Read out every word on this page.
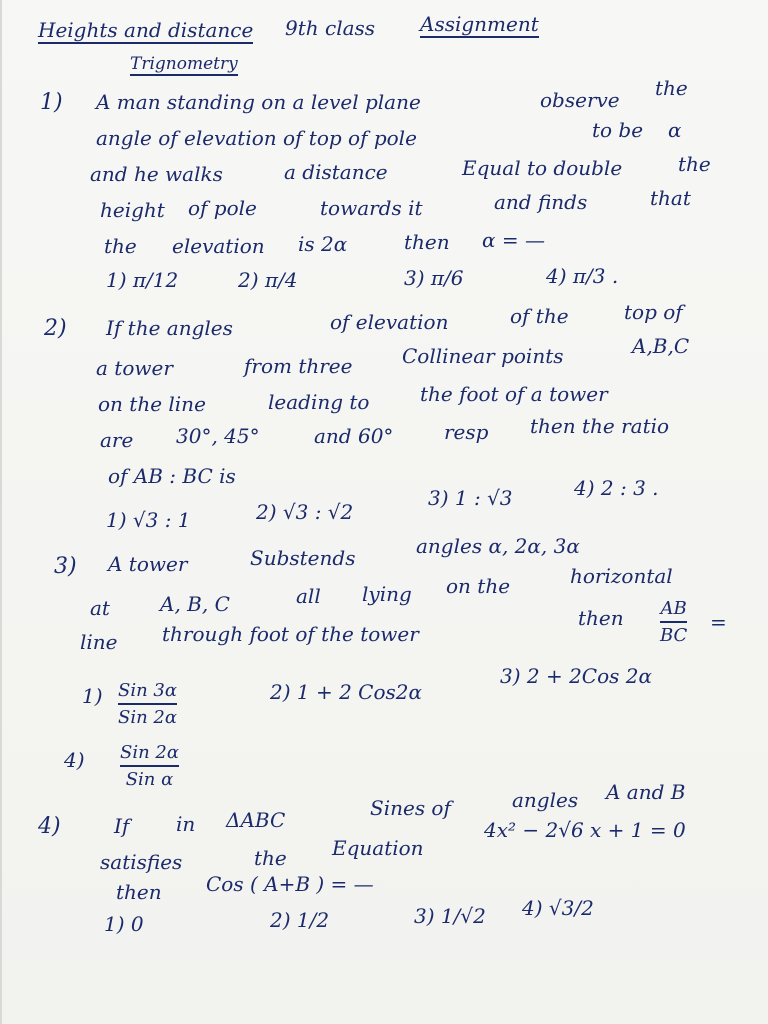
Heights and distance 9th class Assignment
Trignometry
1) A man standing on a level plane	observe the
angle of elevation of top of pole	to be α
and he walks	a distance	Equal to double	the
height of pole	towards it	and finds	that
the elevation is 2α	then α = —
1) π/12	2) π/4	3) π/6	4) π/3 .
2) If the angles	of elevation	of the	top of
a tower	from three Collinear points	A,B,C
on the line	leading to	the foot of a tower
are 30°, 45°	and 60°	resp then the ratio
of AB : BC is
1) √3 : 1	2) √3 : √2
3) 1 : √3	4) 2 : 3 .
3) A tower	Substends	angles α, 2α, 3α
at	A, B, C	all lying on the	horizontal
line through foot of the tower
then AB
BC
=
1) Sin 3α
Sin 2α
2) 1 + 2 Cos2α
3) 2 + 2Cos 2α
4) Sin 2α
Sin α
4)	If in ΔABC	Sines of	angles A and B
satisfies	the Equation
4x² − 2√6 x + 1 = 0
then Cos ( A+B ) = —
1) 0	2) 1/2	3) 1/√2 4) √3/2
